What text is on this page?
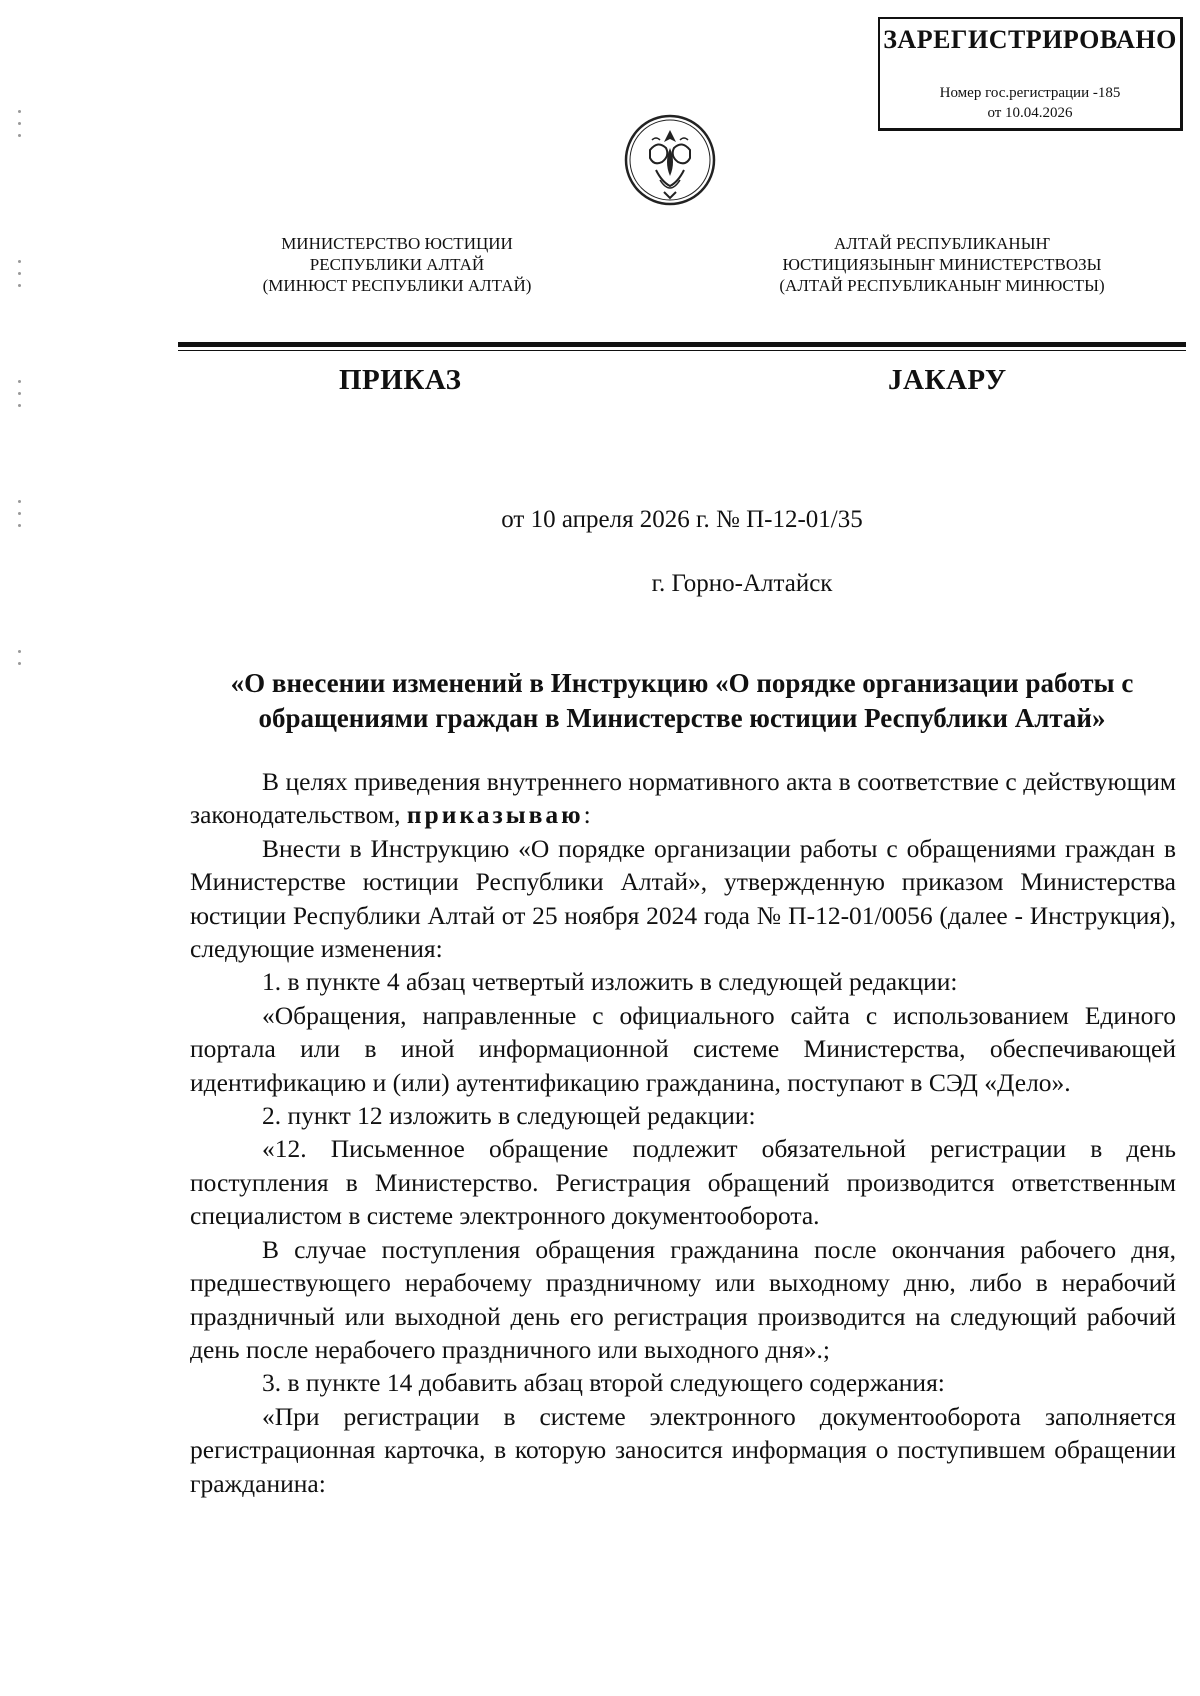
ЗАРЕГИСТРИРОВАНО
Номер гос.регистрации -185
от 10.04.2026
МИНИСТЕРСТВО ЮСТИЦИИ
РЕСПУБЛИКИ АЛТАЙ
(МИНЮСТ РЕСПУБЛИКИ АЛТАЙ)
АЛТАЙ РЕСПУБЛИКАНЫҤ
ЮСТИЦИЯЗЫНЫҤ МИНИСТЕРСТВОЗЫ
(АЛТАЙ РЕСПУБЛИКАНЫҤ МИНЮСТЫ)
ПРИКАЗ	ЈАКАРУ
от 10 апреля 2026 г. № П-12-01/35
г. Горно-Алтайск
«О внесении изменений в Инструкцию «О порядке организации работы с
обращениями граждан в Министерстве юстиции Республики Алтай»

В целях приведения внутреннего нормативного акта в соответствие с действующим законодательством, приказываю:

Внести в Инструкцию «О порядке организации работы с обращениями граждан в Министерстве юстиции Республики Алтай», утвержденную приказом Министерства юстиции Республики Алтай от 25 ноября 2024 года № П-12-01/0056 (далее - Инструкция), следующие изменения:

1. в пункте 4 абзац четвертый изложить в следующей редакции:

«Обращения, направленные с официального сайта с использованием Единого портала или в иной информационной системе Министерства, обеспечивающей идентификацию и (или) аутентификацию гражданина, поступают в СЭД «Дело».

2. пункт 12 изложить в следующей редакции:

«12. Письменное обращение подлежит обязательной регистрации в день поступления в Министерство. Регистрация обращений производится ответственным специалистом в системе электронного документооборота.

В случае поступления обращения гражданина после окончания рабочего дня, предшествующего нерабочему праздничному или выходному дню, либо в нерабочий праздничный или выходной день его регистрация производится на следующий рабочий день после нерабочего праздничного или выходного дня».;

3. в пункте 14 добавить абзац второй следующего содержания:

«При регистрации в системе электронного документооборота заполняется регистрационная карточка, в которую заносится информация о поступившем обращении гражданина:
